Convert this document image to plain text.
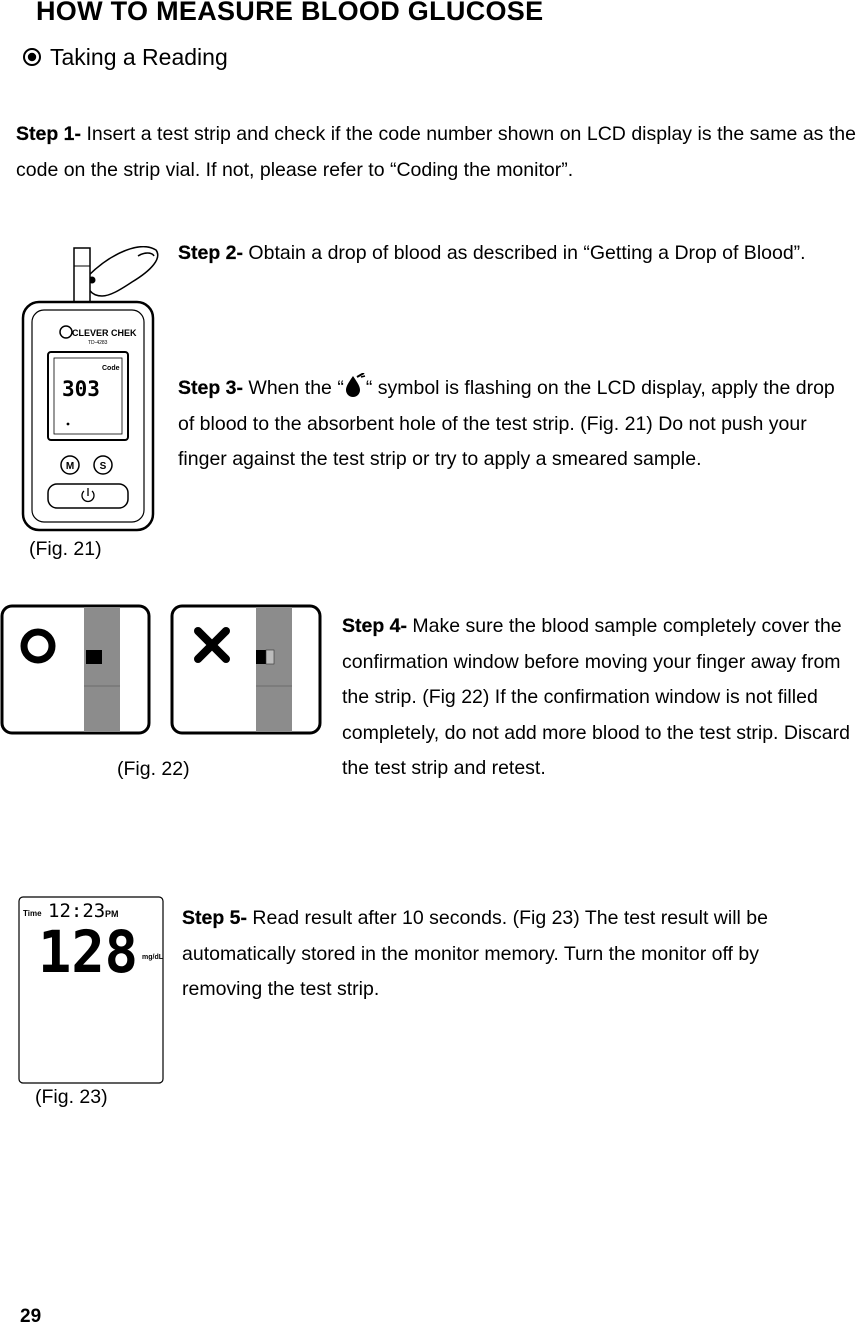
HOW TO MEASURE BLOOD GLUCOSE
Taking a Reading
Step 1- Insert a test strip and check if the code number shown on LCD display is the same as the code on the strip vial. If not, please refer to “Coding the monitor”.
CLEVER CHEK
TD-4283
Code
303
M	S
(Fig. 21)
Step 2- Obtain a drop of blood as described in “Getting a Drop of Blood”.
Step 3- When the “ “ symbol is flashing on the LCD display, apply the drop of blood to the absorbent hole of the test strip. (Fig. 21) Do not push your finger against the test strip or try to apply a smeared sample.
(Fig. 22)
Step 4- Make sure the blood sample completely cover the confirmation window before moving your finger away from the strip. (Fig 22) If the confirmation window is not filled completely, do not add more blood to the test strip. Discard the test strip and retest.
Time 12:23 PM
128 mg/dL
(Fig. 23)
Step 5- Read result after 10 seconds. (Fig 23) The test result will be automatically stored in the monitor memory. Turn the monitor off by removing the test strip.
29
